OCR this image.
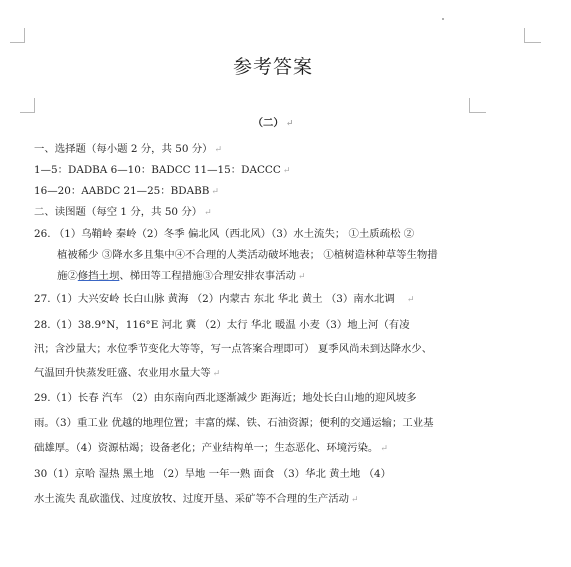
参考答案
（二） ↵
一、选择题（每小题 2 分，共 50 分） ↵
1—5：DADBA 6—10：BADCC 11—15：DACCC ↵
16—20：AABDC 21—25：BDABB ↵
二、读图题（每空 1 分，共 50 分） ↵
26. （1）乌鞘岭 秦岭（2）冬季 偏北风（西北风）（3）水土流失； ①土质疏松 ②
植被稀少 ③降水多且集中④不合理的人类活动破坏地表； ①植树造林种草等生物措
施②修挡土坝、梯田等工程措施③合理安排农事活动 ↵
27.（1）大兴安岭 长白山脉 黄海 （2）内蒙古 东北 华北 黄土 （3）南水北调 ↵
28.（1）38.9°N，116°E 河北 冀 （2）太行 华北 暖温 小麦（3）地上河（有凌
汛；含沙量大；水位季节变化大等等，写一点答案合理即可） 夏季风尚未到达降水少、
气温回升快蒸发旺盛、农业用水量大等 ↵
29.（1）长春 汽车 （2）由东南向西北逐渐减少 距海近；地处长白山地的迎风坡多
雨。（3）重工业 优越的地理位置；丰富的煤、铁、石油资源；便利的交通运输；工业基
础雄厚。（4）资源枯竭；设备老化；产业结构单一；生态恶化、环境污染。 ↵
30（1）京哈 湿热 黑土地 （2）旱地 一年一熟 面食 （3）华北 黄土地 （4）
水土流失 乱砍滥伐、过度放牧、过度开垦、采矿等不合理的生产活动 ↵
